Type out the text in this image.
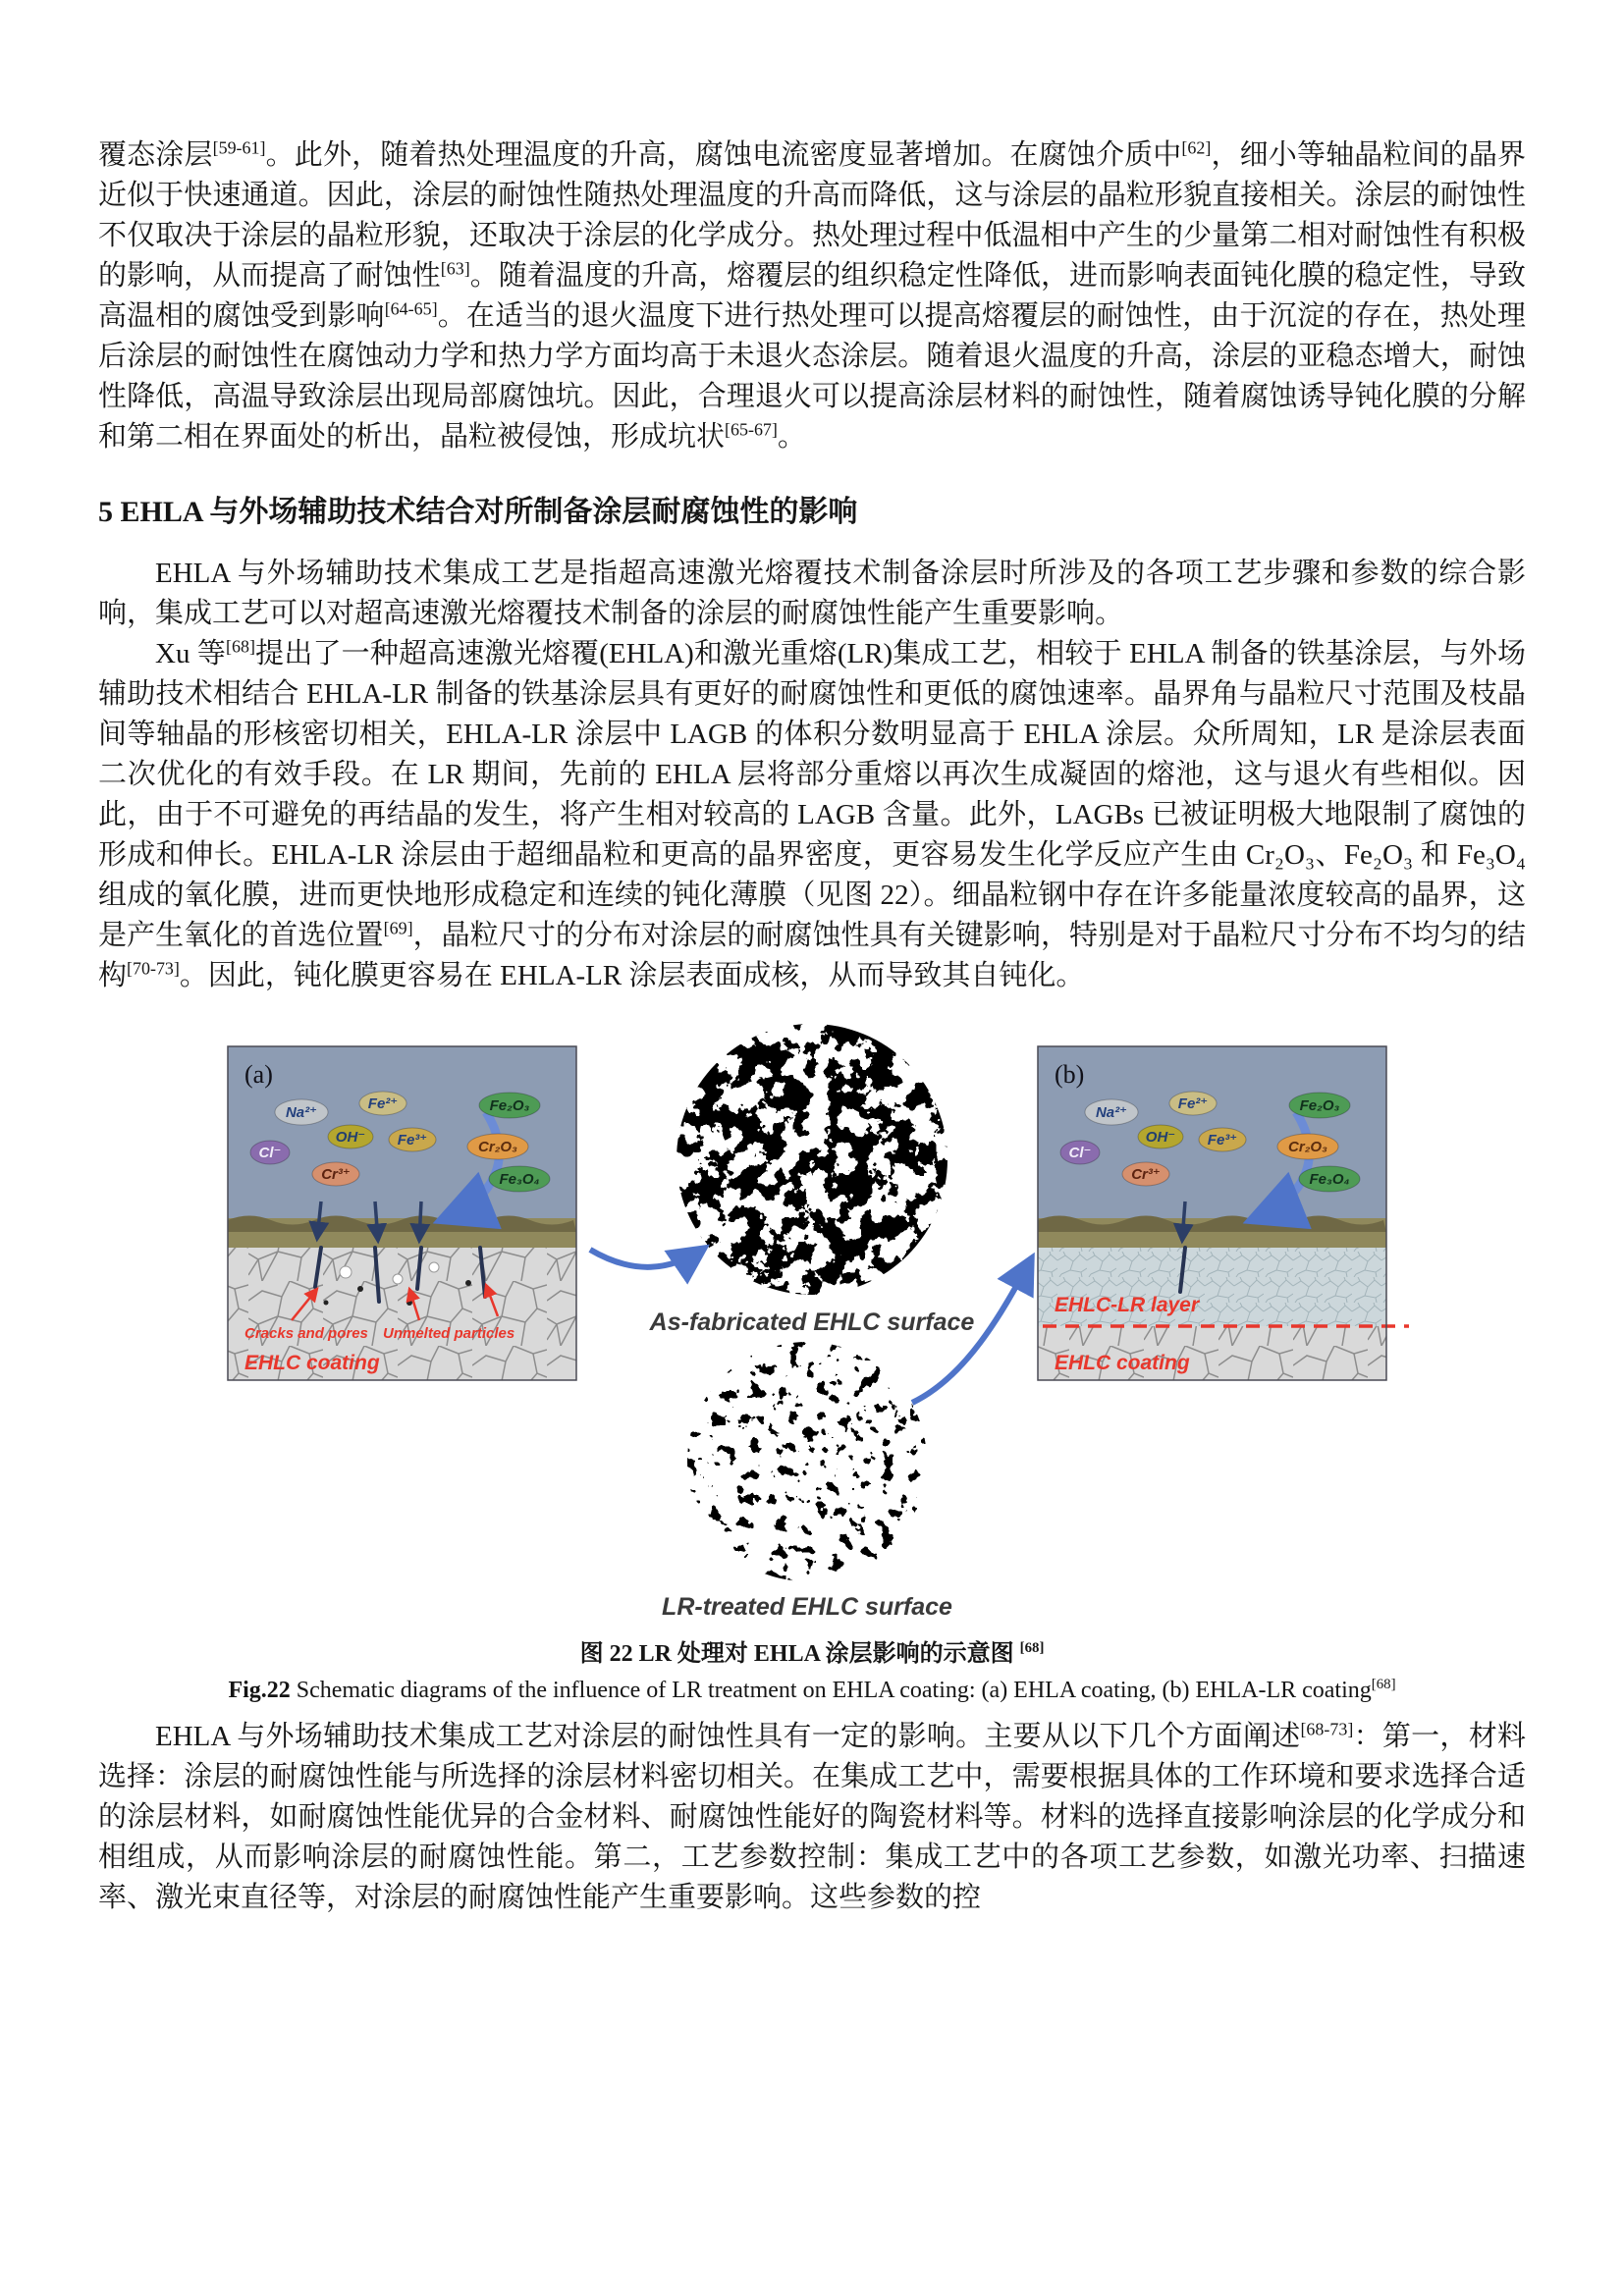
覆态涂层[59-61]。此外，随着热处理温度的升高，腐蚀电流密度显著增加。在腐蚀介质中[62]，细小等轴晶粒间的晶界近似于快速通道。因此，涂层的耐蚀性随热处理温度的升高而降低，这与涂层的晶粒形貌直接相关。涂层的耐蚀性不仅取决于涂层的晶粒形貌，还取决于涂层的化学成分。热处理过程中低温相中产生的少量第二相对耐蚀性有积极的影响，从而提高了耐蚀性[63]。随着温度的升高，熔覆层的组织稳定性降低，进而影响表面钝化膜的稳定性，导致高温相的腐蚀受到影响[64-65]。在适当的退火温度下进行热处理可以提高熔覆层的耐蚀性，由于沉淀的存在，热处理后涂层的耐蚀性在腐蚀动力学和热力学方面均高于未退火态涂层。随着退火温度的升高，涂层的亚稳态增大，耐蚀性降低，高温导致涂层出现局部腐蚀坑。因此，合理退火可以提高涂层材料的耐蚀性，随着腐蚀诱导钝化膜的分解和第二相在界面处的析出，晶粒被侵蚀，形成坑状[65-67]。

5 EHLA 与外场辅助技术结合对所制备涂层耐腐蚀性的影响

EHLA 与外场辅助技术集成工艺是指超高速激光熔覆技术制备涂层时所涉及的各项工艺步骤和参数的综合影响，集成工艺可以对超高速激光熔覆技术制备的涂层的耐腐蚀性能产生重要影响。

Xu 等[68]提出了一种超高速激光熔覆(EHLA)和激光重熔(LR)集成工艺，相较于 EHLA 制备的铁基涂层，与外场辅助技术相结合 EHLA-LR 制备的铁基涂层具有更好的耐腐蚀性和更低的腐蚀速率。晶界角与晶粒尺寸范围及枝晶间等轴晶的形核密切相关，EHLA-LR 涂层中 LAGB 的体积分数明显高于 EHLA 涂层。众所周知，LR 是涂层表面二次优化的有效手段。在 LR 期间，先前的 EHLA 层将部分重熔以再次生成凝固的熔池，这与退火有些相似。因此，由于不可避免的再结晶的发生，将产生相对较高的 LAGB 含量。此外，LAGBs 已被证明极大地限制了腐蚀的形成和伸长。EHLA-LR 涂层由于超细晶粒和更高的晶界密度，更容易发生化学反应产生由 Cr₂O₃、Fe₂O₃ 和 Fe₃O₄ 组成的氧化膜，进而更快地形成稳定和连续的钝化薄膜（见图 22）。细晶粒钢中存在许多能量浓度较高的晶界，这是产生氧化的首选位置[69]，晶粒尺寸的分布对涂层的耐腐蚀性具有关键影响，特别是对于晶粒尺寸分布不均匀的结构[70-73]。因此，钝化膜更容易在 EHLA-LR 涂层表面成核，从而导致其自钝化。

Cracks and pores Unmelted particles
EHLC coating
Na²⁺
Fe²⁺	Fe₂O₃
OH⁻ Fe³⁺	Cr₂O₃
Cl⁻
Cr³⁺	Fe₃O₄
(a)
EHLC-LR layer
EHLC coating
Na²⁺
Fe²⁺	Fe₂O₃
OH⁻ Fe³⁺	Cr₂O₃
Cl⁻
Cr³⁺	Fe₃O₄
(b)
As-fabricated EHLC surface
LR-treated EHLC surface

图 22 LR 处理对 EHLA 涂层影响的示意图 [68]

Fig.22 Schematic diagrams of the influence of LR treatment on EHLA coating: (a) EHLA coating, (b) EHLA-LR coating[68]

EHLA 与外场辅助技术集成工艺对涂层的耐蚀性具有一定的影响。主要从以下几个方面阐述[68-73]：第一，材料选择：涂层的耐腐蚀性能与所选择的涂层材料密切相关。在集成工艺中，需要根据具体的工作环境和要求选择合适的涂层材料，如耐腐蚀性能优异的合金材料、耐腐蚀性能好的陶瓷材料等。材料的选择直接影响涂层的化学成分和相组成，从而影响涂层的耐腐蚀性能。第二，工艺参数控制：集成工艺中的各项工艺参数，如激光功率、扫描速率、激光束直径等，对涂层的耐腐蚀性能产生重要影响。这些参数的控
